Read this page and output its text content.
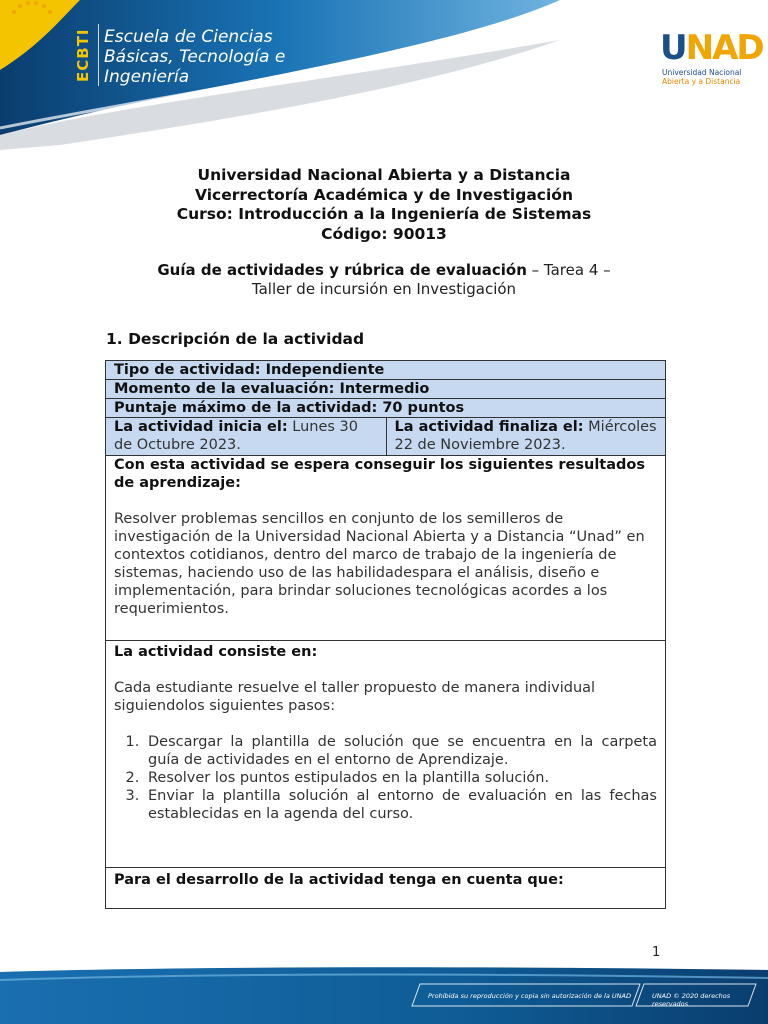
ECBTI Escuela de Ciencias
Básicas, Tecnología e
Ingeniería
UNAD
Universidad Nacional
Abierta y a Distancia
Universidad Nacional Abierta y a Distancia
Vicerrectoría Académica y de Investigación
Curso: Introducción a la Ingeniería de Sistemas
Código: 90013
Guía de actividades y rúbrica de evaluación – Tarea 4 –
Taller de incursión en Investigación
1. Descripción de la actividad
Tipo de actividad: Independiente
Momento de la evaluación: Intermedio
Puntaje máximo de la actividad: 70 puntos
La actividad inicia el: Lunes 30 de Octubre 2023.
La actividad finaliza el: Miércoles 22 de Noviembre 2023.
Con esta actividad se espera conseguir los siguientes resultados de aprendizaje:
Resolver problemas sencillos en conjunto de los semilleros de investigación de la Universidad Nacional Abierta y a Distancia “Unad” en contextos cotidianos, dentro del marco de trabajo de la ingeniería de sistemas, haciendo uso de las habilidadespara el análisis, diseño e implementación, para brindar soluciones tecnológicas acordes a los requerimientos.
La actividad consiste en:
Cada estudiante resuelve el taller propuesto de manera individual siguiendolos siguientes pasos:
1. Descargar la plantilla de solución que se encuentra en la carpeta guía de actividades en el entorno de Aprendizaje.
2. Resolver los puntos estipulados en la plantilla solución.
3. Enviar la plantilla solución al entorno de evaluación en las fechas establecidas en la agenda del curso.
Para el desarrollo de la actividad tenga en cuenta que:
1
Prohibida su reproducción y copia sin autorización de la UNAD	UNAD © 2020 derechos reservados
